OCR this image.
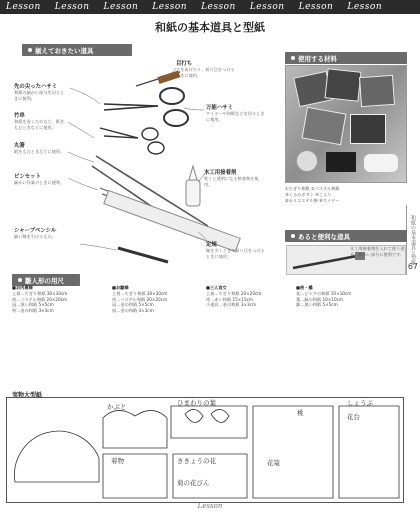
Lesson Lesson Lesson Lesson Lesson Lesson Lesson Lesson
和紙の基本道具と型紙
和紙の基本道具と型紙
67
揃えておきたい道具
目打ち
穴をあけたり、折り目をつけるときに使用。
先の尖ったハサミ
和紙の細かい部分を切るときに便利。
万能ハサミ
ワイヤーや和紙などを切るときに使用。
竹串
和紙を巻くためなど、紙をもむときなどに使用。
丸箸
紙をもむときなどに使用。
木工用接着剤
乾くと透明になる接着剤を使用。
ピンセット
細かい作業のときに便利。
シャープペンシル
細い線を引けるもの。
定規
線を引くときや折り目をつけるときに使用。
使用する材料
①ちぎり和紙 ②パステル和紙
③くるみボタン ④こより
⑤ポリエステル綿 ⑥ワイヤー
あると便利な道具
木工用接着剤を入れて使う道具。細かい部分に便利です。
雛人形の用尺
■お内裏様
上着…ちぎり和紙 30×30cm
袴…パステル和紙 20×20cm
冠…黒い和紙 5×5cm
笏…金の和紙 3×3cm
■お雛様
上着…ちぎり和紙 30×30cm
袴…パステル和紙 20×20cm
冠…金の和紙 5×5cm
扇…金の和紙 3×3cm
■三人官女
上着…ちぎり和紙 20×20cm
袴…赤い和紙 15×15cm
小道具…金の和紙 3×3cm
■桜・橘
花…ピンクの和紙 10×10cm
葉…緑の和紙 10×10cm
鉢…黒い和紙 5×5cm
実物大型紙
かぶと	ひまわりの葉
桃
しょうぶ
花台
着物	ききょうの花
菊の花びん
花篭
Lesson
